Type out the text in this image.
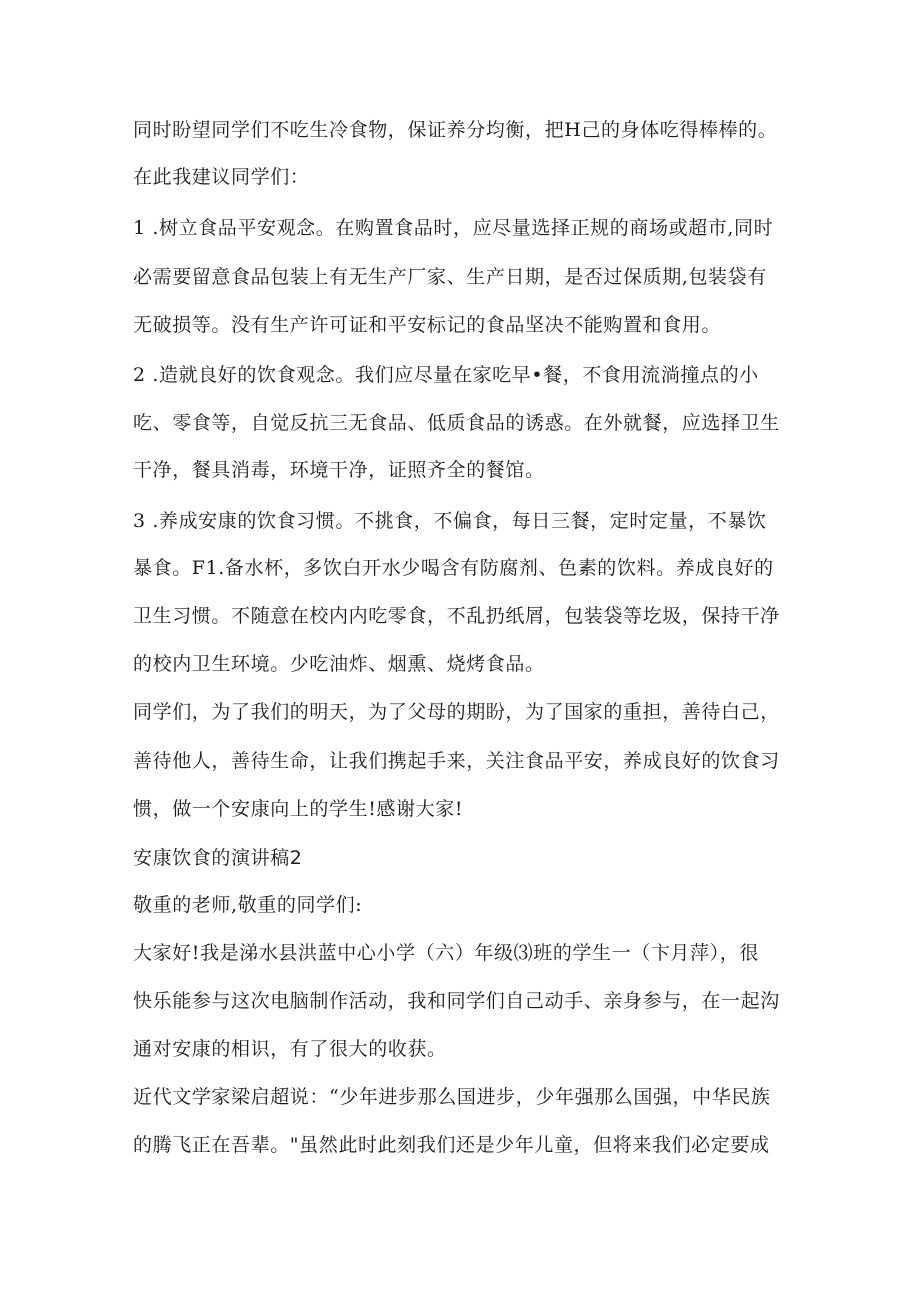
同时盼望同学们不吃生冷食物，保证养分均衡，把H己的身体吃得棒棒的。
在此我建议同学们：
1 .树立食品平安观念。在购置食品时，应尽量选择正规的商场或超市,同时
必需要留意食品包装上有无生产厂家、生产日期，是否过保质期,包装袋有
无破损等。没有生产许可证和平安标记的食品坚决不能购置和食用。
2 .造就良好的饮食观念。我们应尽量在家吃早•餐，不食用流淌撞点的小
吃、零食等，自觉反抗三无食品、低质食品的诱惑。在外就餐，应选择卫生
干净，餐具消毒，环境干净，证照齐全的餐馆。
3 .养成安康的饮食习惯。不挑食，不偏食，每日三餐，定时定量，不暴饮
暴食。F1.备水杯，多饮白开水少喝含有防腐剂、色素的饮料。养成良好的
卫生习惯。不随意在校内内吃零食，不乱扔纸屑，包装袋等圪圾，保持干净
的校内卫生环境。少吃油炸、烟熏、烧烤食品。
同学们，为了我们的明天，为了父母的期盼，为了国家的重担，善待白己，
善待他人，善待生命，让我们携起手来，关注食品平安，养成良好的饮食习
惯，做一个安康向上的学生!感谢大家!
安康饮食的演讲稿2
敬重的老师,敬重的同学们:
大家好!我是涕水县洪蓝中心小学（六）年级⑶班的学生一（卞月萍），很
快乐能参与这次电脑制作活动，我和同学们自己动手、亲身参与，在一起沟
通对安康的相识，有了很大的收获。
近代文学家梁启超说：“少年进步那么国进步，少年强那么国强，中华民族
的腾飞正在吾辈。"虽然此时此刻我们还是少年儿童，但将来我们必定要成
